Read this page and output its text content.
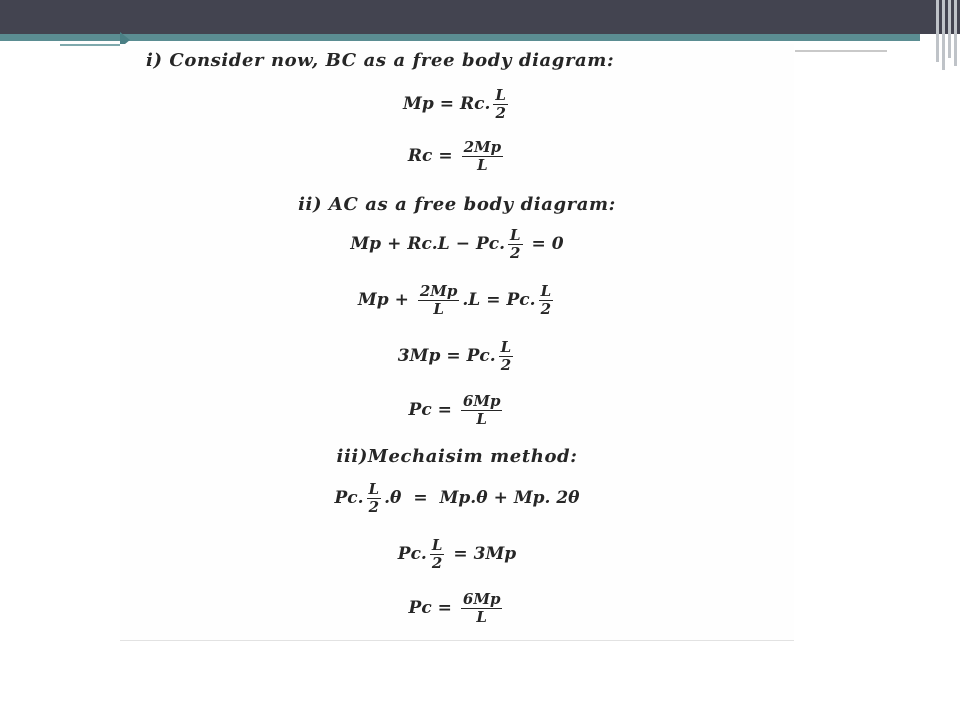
i) Consider now, BC as a free body diagram:
Mp = Rc. $\frac{L}{2}$
$Rc = \frac{2Mp}{L}$
ii) AC as a free body diagram:
Mp + Rc.L − Pc. $\frac{L}{2} = 0$
$Mp + \frac{2Mp}{L} .L = Pc$. $\frac{L}{2}$
3Mp = Pc. $\frac{L}{2}$
$Pc = \frac{6Mp}{L}$
iii)Mechaisim method:
Pc. $\frac{L}{2} .\theta = Mp.\theta + Mp$. 2θ
Pc. $\frac{L}{2} = 3Mp$
$Pc = \frac{6Mp}{L}$
